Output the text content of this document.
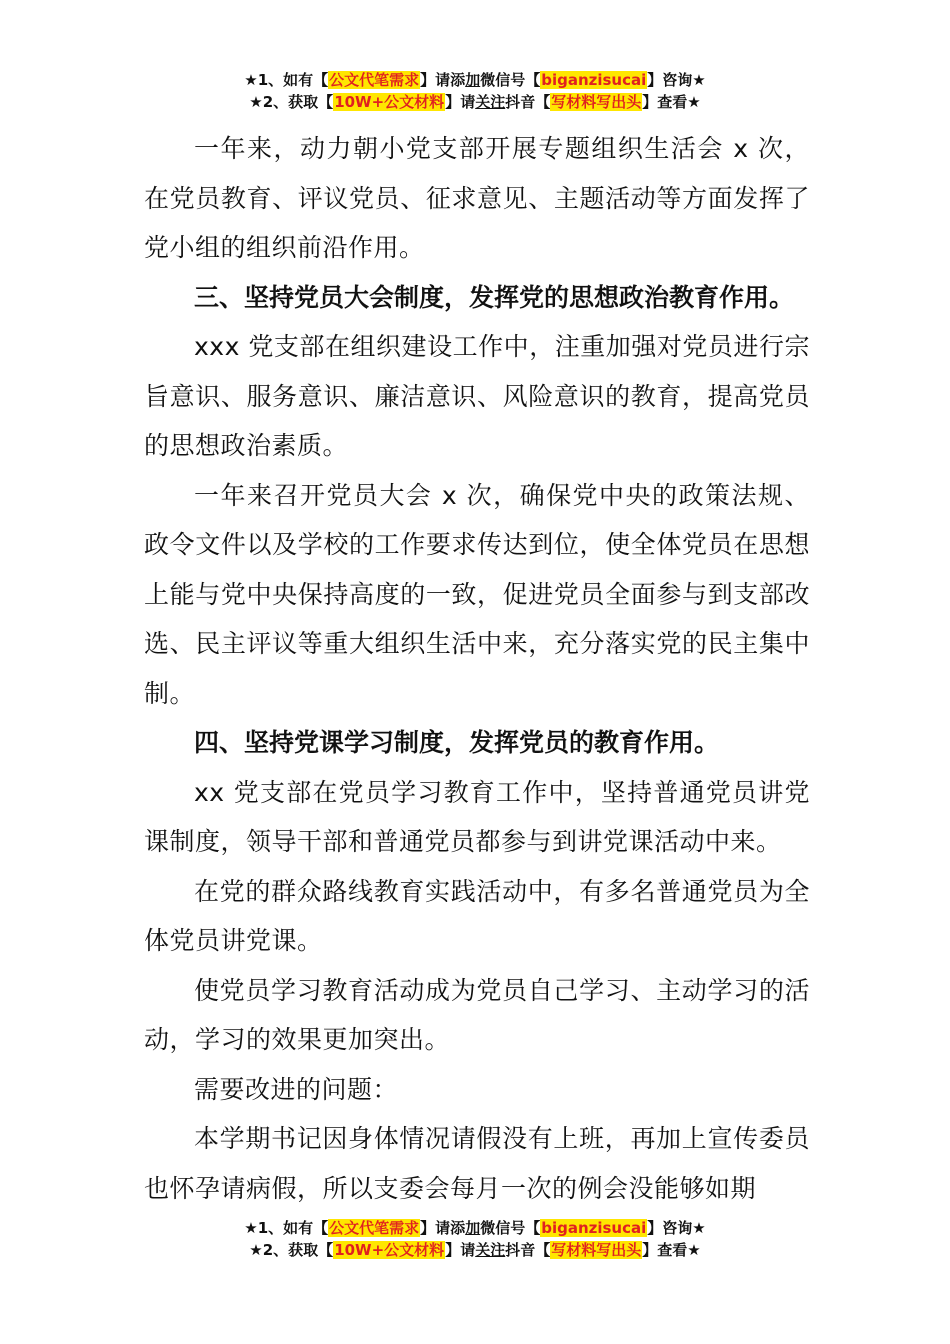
★1、如有【公文代笔需求】请添加微信号【biganzisucai】咨询★
★2、获取【10W+公文材料】请关注抖音【写材料写出头】查看★

一年来，动力朝小党支部开展专题组织生活会 x 次，在党员教育、评议党员、征求意见、主题活动等方面发挥了党小组的组织前沿作用。

三、坚持党员大会制度，发挥党的思想政治教育作用。

xxx 党支部在组织建设工作中，注重加强对党员进行宗旨意识、服务意识、廉洁意识、风险意识的教育，提高党员的思想政治素质。

一年来召开党员大会 x 次，确保党中央的政策法规、政令文件以及学校的工作要求传达到位，使全体党员在思想上能与党中央保持高度的一致，促进党员全面参与到支部改选、民主评议等重大组织生活中来，充分落实党的民主集中制。

四、坚持党课学习制度，发挥党员的教育作用。

xx 党支部在党员学习教育工作中，坚持普通党员讲党课制度，领导干部和普通党员都参与到讲党课活动中来。

在党的群众路线教育实践活动中，有多名普通党员为全体党员讲党课。

使党员学习教育活动成为党员自己学习、主动学习的活动，学习的效果更加突出。

需要改进的问题：

本学期书记因身体情况请假没有上班，再加上宣传委员也怀孕请病假，所以支委会每月一次的例会没能够如期

★1、如有【公文代笔需求】请添加微信号【biganzisucai】咨询★
★2、获取【10W+公文材料】请关注抖音【写材料写出头】查看★
